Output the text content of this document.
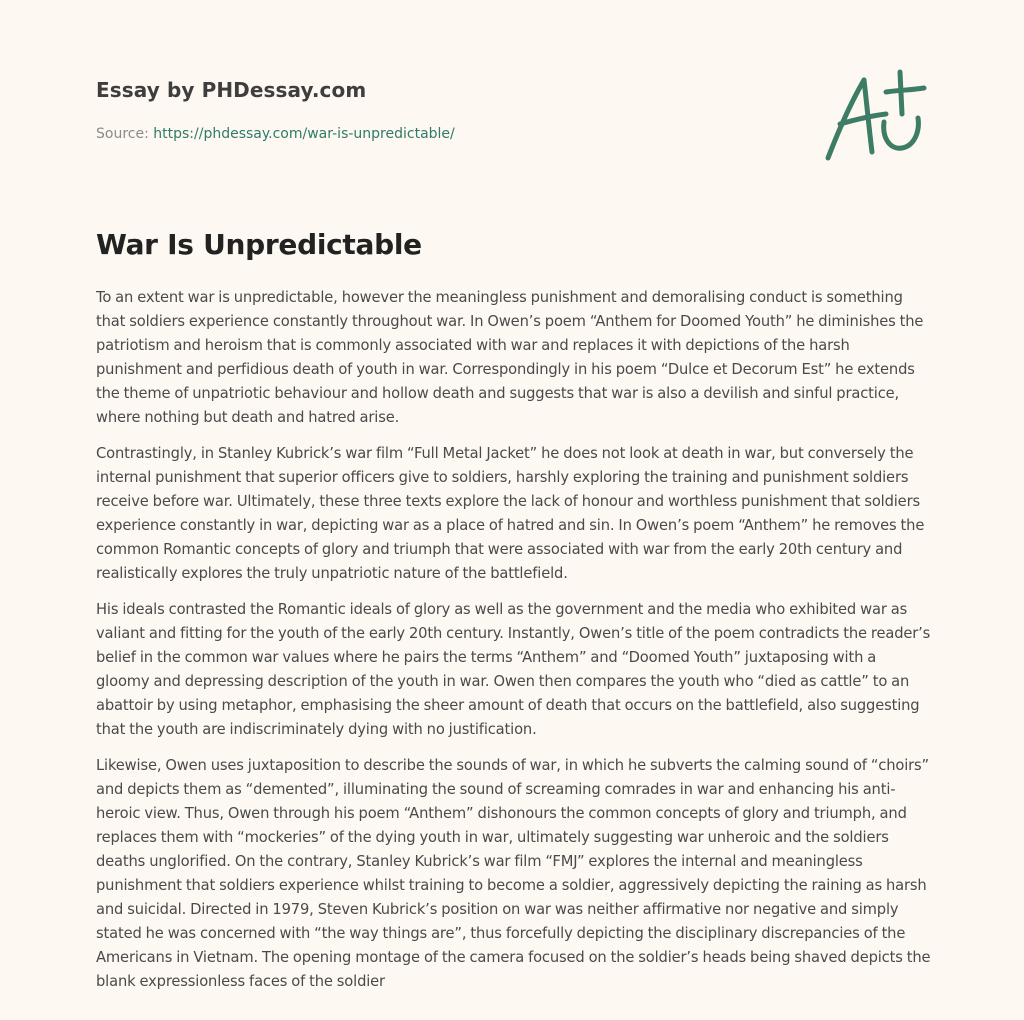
Essay by PHDessay.com
Source: https://phdessay.com/war-is-unpredictable/
War Is Unpredictable

To an extent war is unpredictable, however the meaningless punishment and demoralising conduct is something that soldiers experience constantly throughout war. In Owen’s poem “Anthem for Doomed Youth” he diminishes the patriotism and heroism that is commonly associated with war and replaces it with depictions of the harsh punishment and perfidious death of youth in war. Correspondingly in his poem “Dulce et Decorum Est” he extends the theme of unpatriotic behaviour and hollow death and suggests that war is also a devilish and sinful practice, where nothing but death and hatred arise.

Contrastingly, in Stanley Kubrick’s war film “Full Metal Jacket” he does not look at death in war, but conversely the internal punishment that superior officers give to soldiers, harshly exploring the training and punishment soldiers receive before war. Ultimately, these three texts explore the lack of honour and worthless punishment that soldiers experience constantly in war, depicting war as a place of hatred and sin. In Owen’s poem “Anthem” he removes the common Romantic concepts of glory and triumph that were associated with war from the early 20th century and realistically explores the truly unpatriotic nature of the battlefield.

His ideals contrasted the Romantic ideals of glory as well as the government and the media who exhibited war as valiant and fitting for the youth of the early 20th century. Instantly, Owen’s title of the poem contradicts the reader’s belief in the common war values where he pairs the terms “Anthem” and “Doomed Youth” juxtaposing with a gloomy and depressing description of the youth in war. Owen then compares the youth who “died as cattle” to an abattoir by using metaphor, emphasising the sheer amount of death that occurs on the battlefield, also suggesting that the youth are indiscriminately dying with no justification.

Likewise, Owen uses juxtaposition to describe the sounds of war, in which he subverts the calming sound of “choirs” and depicts them as “demented”, illuminating the sound of screaming comrades in war and enhancing his anti-heroic view. Thus, Owen through his poem “Anthem” dishonours the common concepts of glory and triumph, and replaces them with “mockeries” of the dying youth in war, ultimately suggesting war unheroic and the soldiers deaths unglorified. On the contrary, Stanley Kubrick’s war film “FMJ” explores the internal and meaningless punishment that soldiers experience whilst training to become a soldier, aggressively depicting the raining as harsh and suicidal. Directed in 1979, Steven Kubrick’s position on war was neither affirmative nor negative and simply stated he was concerned with “the way things are”, thus forcefully depicting the disciplinary discrepancies of the Americans in Vietnam. The opening montage of the camera focused on the soldier’s heads being shaved depicts the blank expressionless faces of the soldier
